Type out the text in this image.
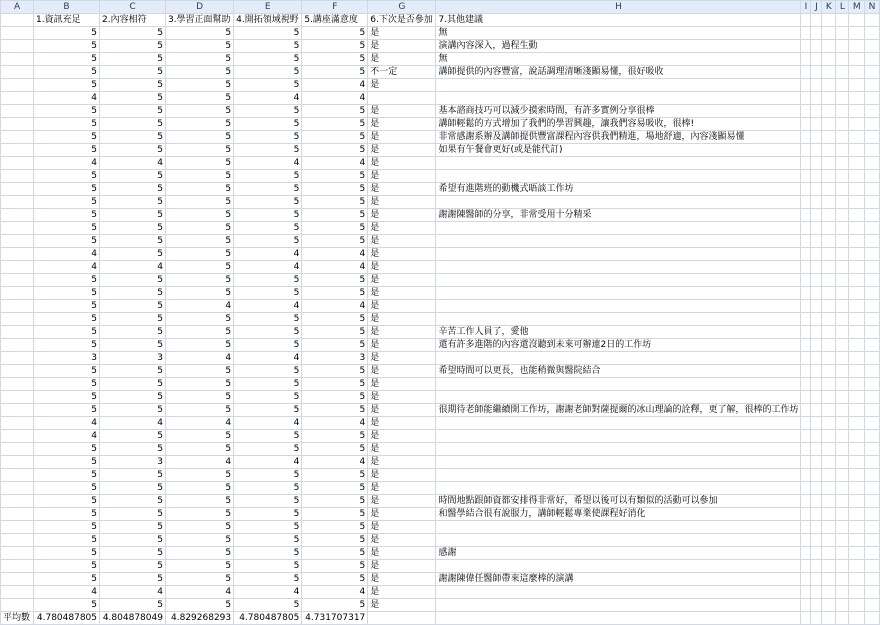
A	B	C	D	E	F	G	H	I	J	K	L	M	N
	1.資訊充足	2.內容相符	3.學習正面幫助	4.開拓領域視野	5.講座滿意度	6.下次是否參加	7.其他建議						
	5	5	5	5	5	是	無						
	5	5	5	5	5	是	演講內容深入，過程生動						
	5	5	5	5	5	是	無						
	5	5	5	5	5	不一定	講師提供的內容豐富，說話調理清晰淺顯易懂，很好吸收						
	5	5	5	5	4	是							
	4	5	5	4	4								
	5	5	5	5	5	是	基本諮商技巧可以減少摸索時間，有許多實例分享很棒						
	5	5	5	5	5	是	講師輕鬆的方式增加了我們的學習興趣，讓我們容易吸收，很棒!						
	5	5	5	5	5	是	非常感謝系辦及講師提供豐富課程內容供我們精進，場地舒適，內容淺顯易懂						
	5	5	5	5	5	是	如果有午餐會更好(或是能代訂)						
	4	4	5	4	4	是							
	5	5	5	5	5	是							
	5	5	5	5	5	是	希望有進階班的動機式晤談工作坊						
	5	5	5	5	5	是							
	5	5	5	5	5	是	謝謝陳醫師的分享，非常受用十分精采						
	5	5	5	5	5	是							
	5	5	5	5	5	是							
	4	5	5	4	4	是							
	4	4	5	4	4	是							
	5	5	5	5	5	是							
	5	5	5	5	5	是							
	5	5	4	4	4	是							
	5	5	5	5	5	是							
	5	5	5	5	5	是	辛苦工作人員了，愛他						
	5	5	5	5	5	是	還有許多進階的內容還沒聽到未來可辦連2日的工作坊						
	3	3	4	4	3	是							
	5	5	5	5	5	是	希望時間可以更長，也能稍微與醫院結合						
	5	5	5	5	5	是							
	5	5	5	5	5	是							
	5	5	5	5	5	是	很期待老師能繼續開工作坊，謝謝老師對薩提爾的冰山理論的詮釋，更了解，很棒的工作坊						
	4	4	4	4	4	是							
	4	5	5	5	5	是							
	5	5	5	5	5	是							
	5	3	4	4	4	是							
	5	5	5	5	5	是							
	5	5	5	5	5	是							
	5	5	5	5	5	是	時間地點跟師資都安排得非常好，希望以後可以有類似的活動可以參加						
	5	5	5	5	5	是	和醫學結合很有說服力，講師輕鬆專業使課程好消化						
	5	5	5	5	5	是							
	5	5	5	5	5	是							
	5	5	5	5	5	是	感謝						
	5	5	5	5	5	是							
	5	5	5	5	5	是	謝謝陳偉任醫師帶來這麼棒的演講						
	4	4	4	4	4	是							
	5	5	5	5	5	是							
平均數	4.780487805	4.804878049	4.829268293	4.780487805	4.731707317								
